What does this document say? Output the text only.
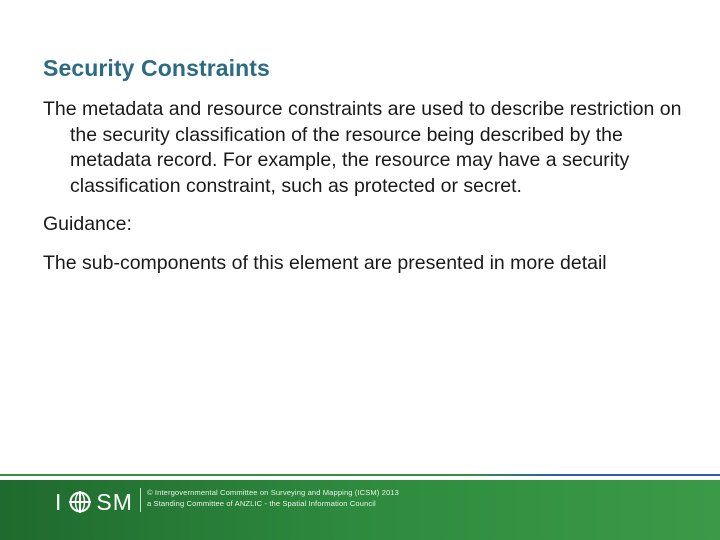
Security Constraints

The metadata and resource constraints are used to describe restriction on the security classification of the resource being described by the metadata record. For example, the resource may have a security classification constraint, such as protected or secret.

Guidance:

The sub-components of this element are presented in more detail

I SM © Intergovernmental Committee on Surveying and Mapping (ICSM) 2013
a Standing Committee of ANZLIC - the Spatial Information Council
